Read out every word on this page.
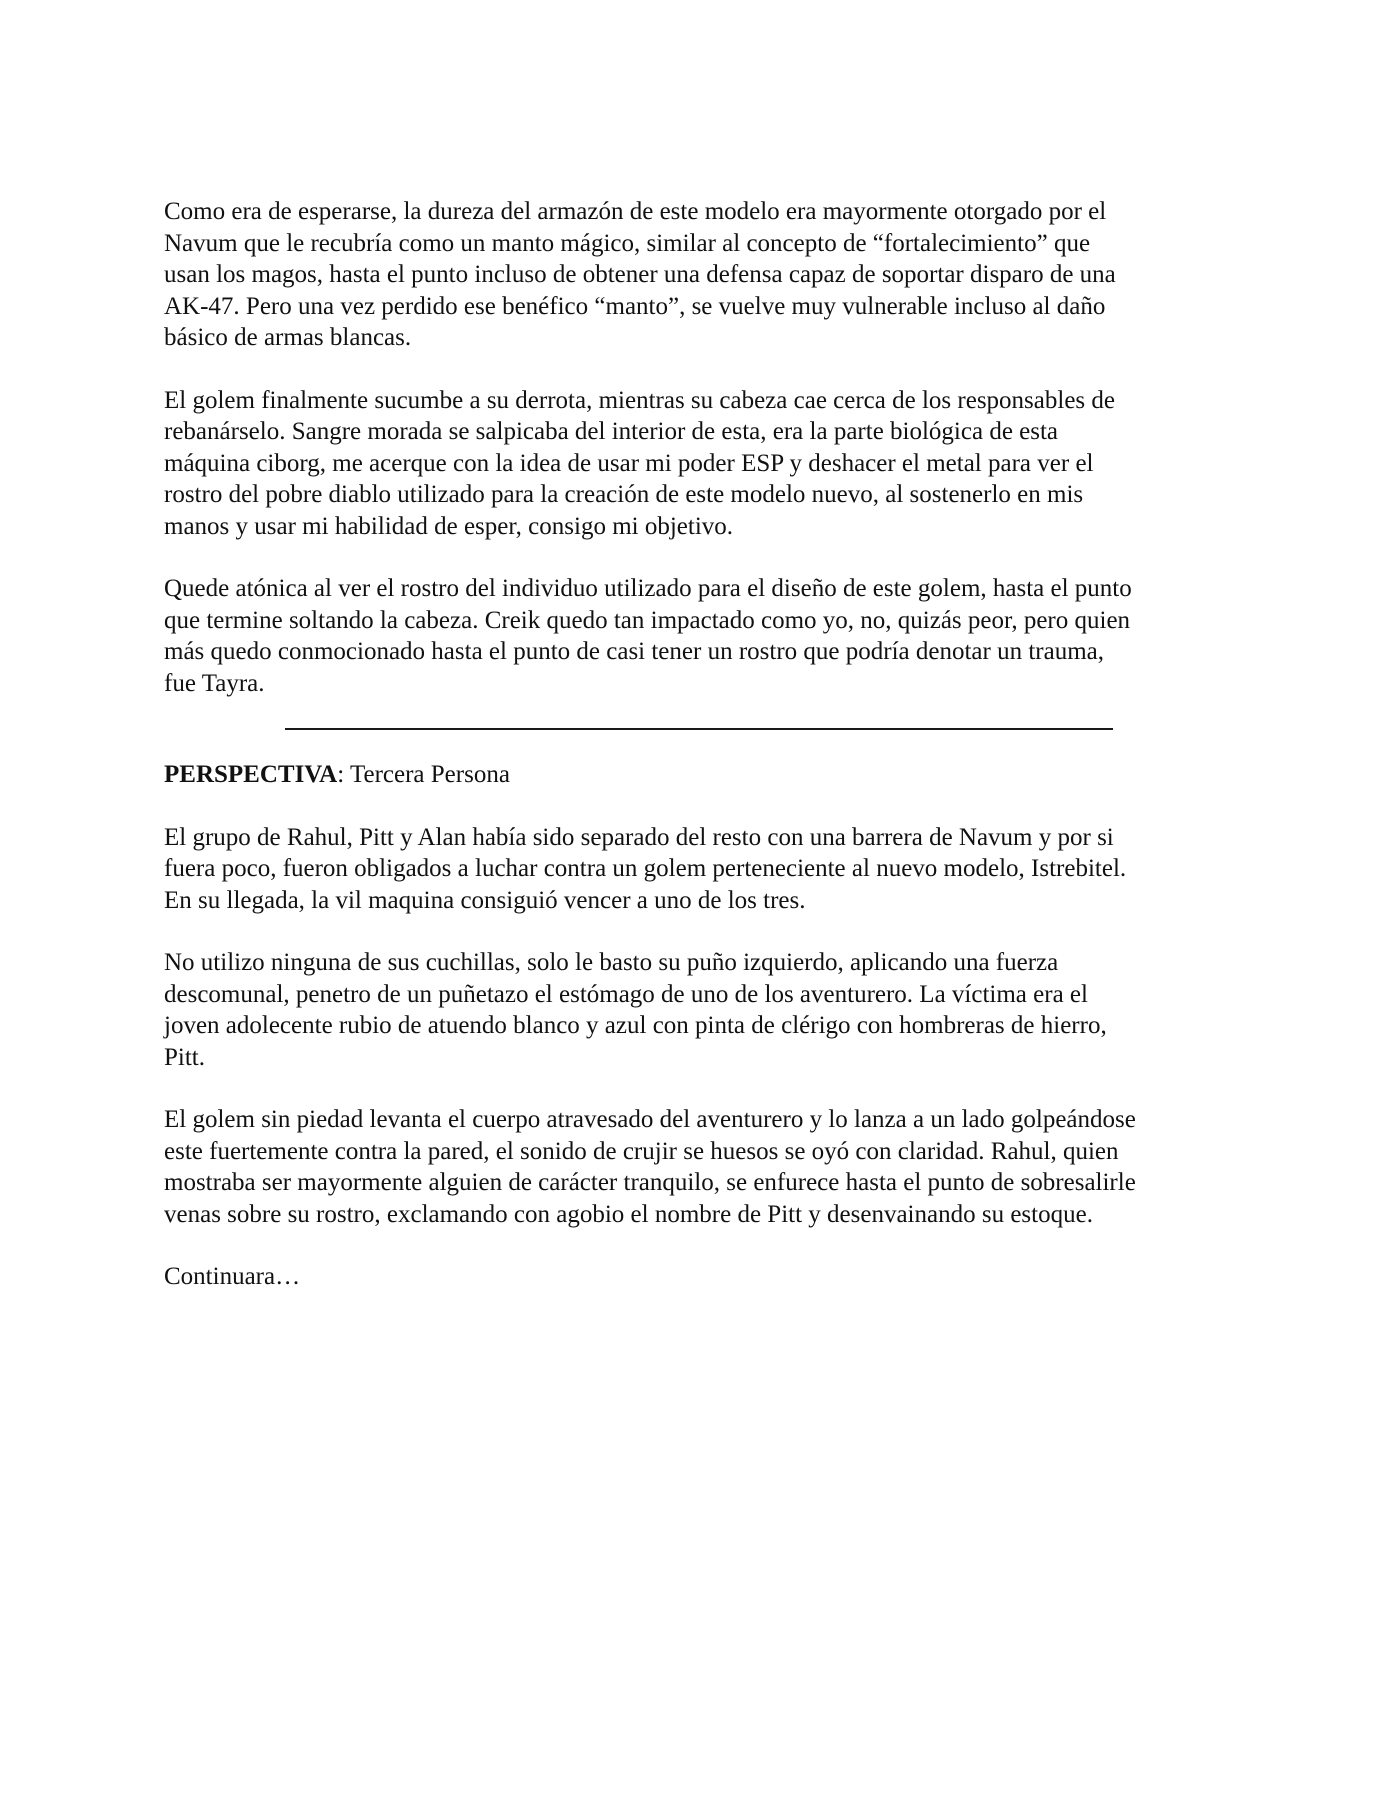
Como era de esperarse, la dureza del armazón de este modelo era mayormente otorgado por el
Navum que le recubría como un manto mágico, similar al concepto de “fortalecimiento” que
usan los magos, hasta el punto incluso de obtener una defensa capaz de soportar disparo de una
AK-47. Pero una vez perdido ese benéfico “manto”, se vuelve muy vulnerable incluso al daño
básico de armas blancas.

El golem finalmente sucumbe a su derrota, mientras su cabeza cae cerca de los responsables de
rebanárselo. Sangre morada se salpicaba del interior de esta, era la parte biológica de esta
máquina ciborg, me acerque con la idea de usar mi poder ESP y deshacer el metal para ver el
rostro del pobre diablo utilizado para la creación de este modelo nuevo, al sostenerlo en mis
manos y usar mi habilidad de esper, consigo mi objetivo.

Quede atónica al ver el rostro del individuo utilizado para el diseño de este golem, hasta el punto
que termine soltando la cabeza. Creik quedo tan impactado como yo, no, quizás peor, pero quien
más quedo conmocionado hasta el punto de casi tener un rostro que podría denotar un trauma,
fue Tayra.

PERSPECTIVA: Tercera Persona

El grupo de Rahul, Pitt y Alan había sido separado del resto con una barrera de Navum y por si
fuera poco, fueron obligados a luchar contra un golem perteneciente al nuevo modelo, Istrebitel.
En su llegada, la vil maquina consiguió vencer a uno de los tres.

No utilizo ninguna de sus cuchillas, solo le basto su puño izquierdo, aplicando una fuerza
descomunal, penetro de un puñetazo el estómago de uno de los aventurero. La víctima era el
joven adolecente rubio de atuendo blanco y azul con pinta de clérigo con hombreras de hierro,
Pitt.

El golem sin piedad levanta el cuerpo atravesado del aventurero y lo lanza a un lado golpeándose
este fuertemente contra la pared, el sonido de crujir se huesos se oyó con claridad. Rahul, quien
mostraba ser mayormente alguien de carácter tranquilo, se enfurece hasta el punto de sobresalirle
venas sobre su rostro, exclamando con agobio el nombre de Pitt y desenvainando su estoque.

Continuara…
